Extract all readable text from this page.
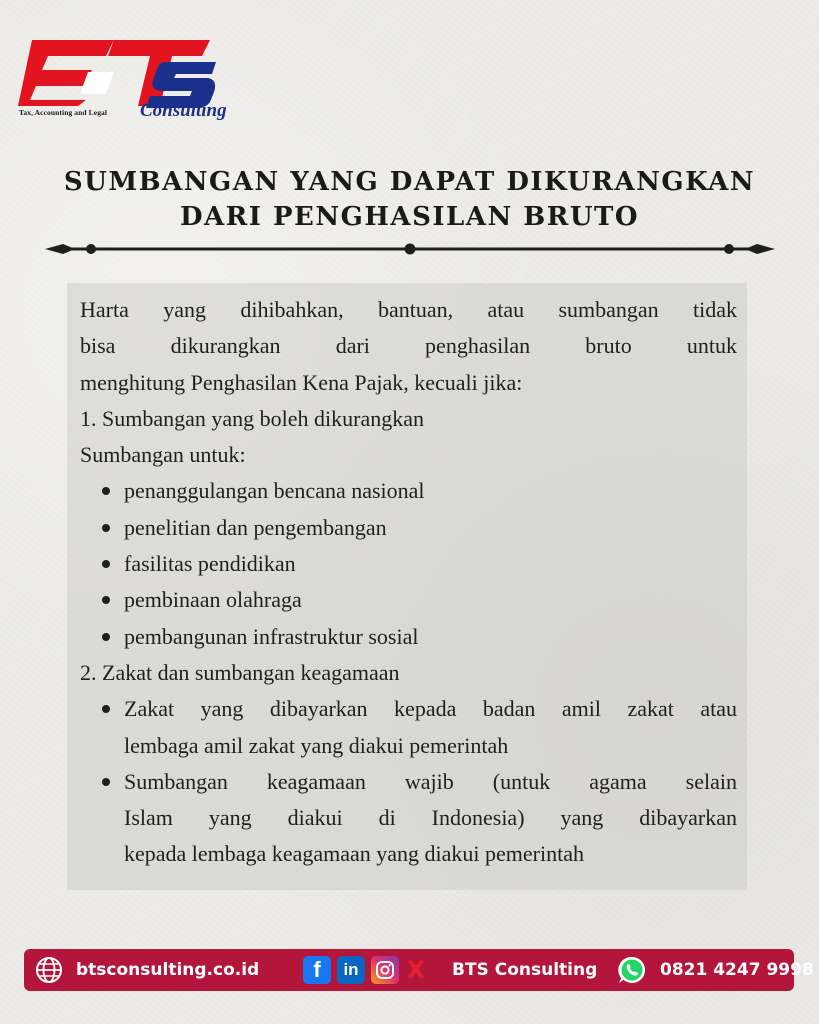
Tax, Accounting and Legal Consulting
SUMBANGAN YANG DAPAT DIKURANGKAN
DARI PENGHASILAN BRUTO

Harta yang dihibahkan, bantuan, atau sumbangan tidak
bisa dikurangkan dari penghasilan bruto untuk
menghitung Penghasilan Kena Pajak, kecuali jika:

1. Sumbangan yang boleh dikurangkan

Sumbangan untuk:

penanggulangan bencana nasional
penelitian dan pengembangan
fasilitas pendidikan
pembinaan olahraga
pembangunan infrastruktur sosial

2. Zakat dan sumbangan keagamaan

Zakat yang dibayarkan kepada badan amil zakat atau
lembaga amil zakat yang diakui pemerintah
Sumbangan keagamaan wajib (untuk agama selain
Islam yang diakui di Indonesia) yang dibayarkan
kepada lembaga keagamaan yang diakui pemerintah
btsconsulting.co.id f in X BTS Consulting	0821 4247 9998
